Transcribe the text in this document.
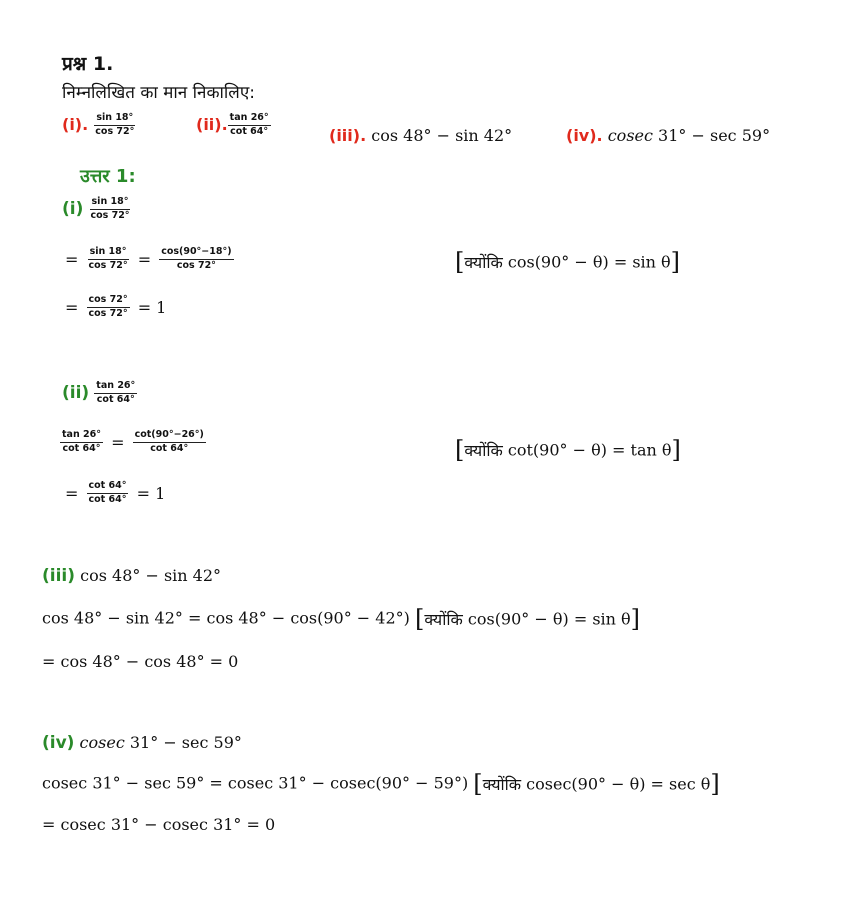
प्रश्न 1.
निम्नलिखित का मान निकालिए:
(i). $\frac{\sin 18^\circ}{\cos 72^\circ}$	(ii). $\frac{\tan 26^\circ}{\cot 64^\circ}$	(iii). cos 48° − sin 42°	(iv). cosec 31° − sec 59°
उत्तर 1:
$(i) \frac{\sin 18^\circ}{\cos 72^\circ}$
= $\frac{\sin 18^\circ}{\cos 72^\circ} = \frac{\cos(90^\circ-18^\circ)}{\cos 72^\circ}$	[क्योंकि cos(90° − θ) = sin θ]
= $\frac{\cos 72^\circ}{\cos 72^\circ} = 1$
$(ii) \frac{\tan 26^\circ}{\cot 64^\circ}$
$\frac{\tan 26^\circ}{\cot 64^\circ} = \frac{\cot(90^\circ-26^\circ)}{\cot 64^\circ}$	[क्योंकि cot(90° − θ) = tan θ]
= $\frac{\cot 64^\circ}{\cot 64^\circ} = 1$
(iii) cos 48° − sin 42°
cos 48° − sin 42° = cos 48° − cos(90° − 42°) [क्योंकि cos(90° − θ) = sin θ]
= cos 48° − cos 48° = 0
(iv) cosec 31° − sec 59°
cosec 31° − sec 59° = cosec 31° − cosec(90° − 59°) [क्योंकि cosec(90° − θ) = sec θ]
= cosec 31° − cosec 31° = 0
